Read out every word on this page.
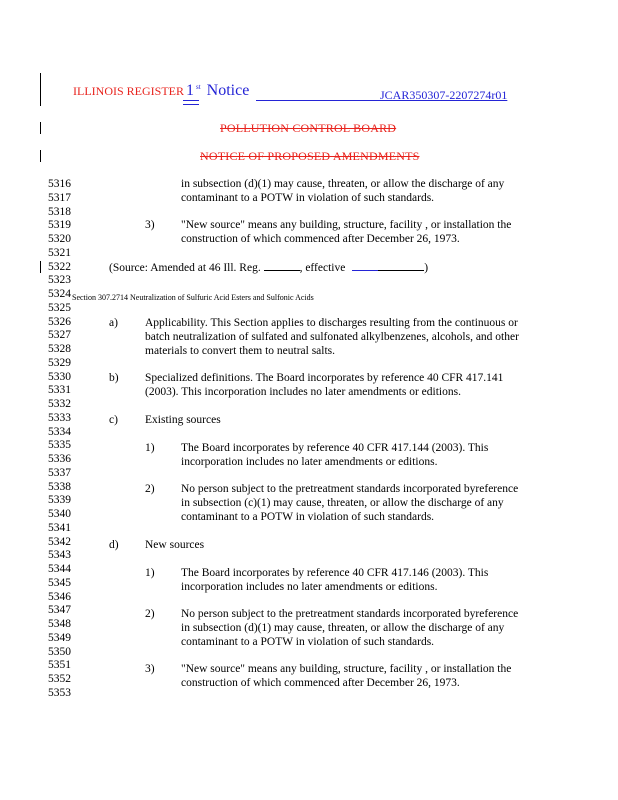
ILLINOIS REGISTER 1 $^{st}$ Notice	JCAR350307-2207274r01
POLLUTION CONTROL BOARD
NOTICE OF PROPOSED AMENDMENTS
5316
5317
5318
5319
5320
5321
5322
5323
5324
5325
5326
5327
5328
5329
5330
5331
5332
5333
5334
5335
5336
5337
5338
5339
5340
5341
5342
5343
5344
5345
5346
5347
5348
5349
5350
5351
5352
5353
in subsection (d)(1) may cause, threaten, or allow the discharge of any
contaminant to a POTW in violation of such standards.
3) "New source" means any building, structure, facility , or installation the
construction of which commenced after December 26, 1973.
(Source: Amended at 46 Ill. Reg.	, effective	)
Section 307.2714 Neutralization of Sulfuric Acid Esters and Sulfonic Acids
a) Applicability. This Section applies to discharges resulting from the continuous or
batch neutralization of sulfated and sulfonated alkylbenzenes, alcohols, and other
materials to convert them to neutral salts.
b) Specialized definitions. The Board incorporates by reference 40 CFR 417.141
(2003). This incorporation includes no later amendments or editions.
c) Existing sources
1) The Board incorporates by reference 40 CFR 417.144 (2003). This
incorporation includes no later amendments or editions.
2) No person subject to the pretreatment standards incorporated byreference
in subsection (c)(1) may cause, threaten, or allow the discharge of any
contaminant to a POTW in violation of such standards.
d) New sources
1) The Board incorporates by reference 40 CFR 417.146 (2003). This
incorporation includes no later amendments or editions.
2) No person subject to the pretreatment standards incorporated byreference
in subsection (d)(1) may cause, threaten, or allow the discharge of any
contaminant to a POTW in violation of such standards.
3) "New source" means any building, structure, facility , or installation the
construction of which commenced after December 26, 1973.
